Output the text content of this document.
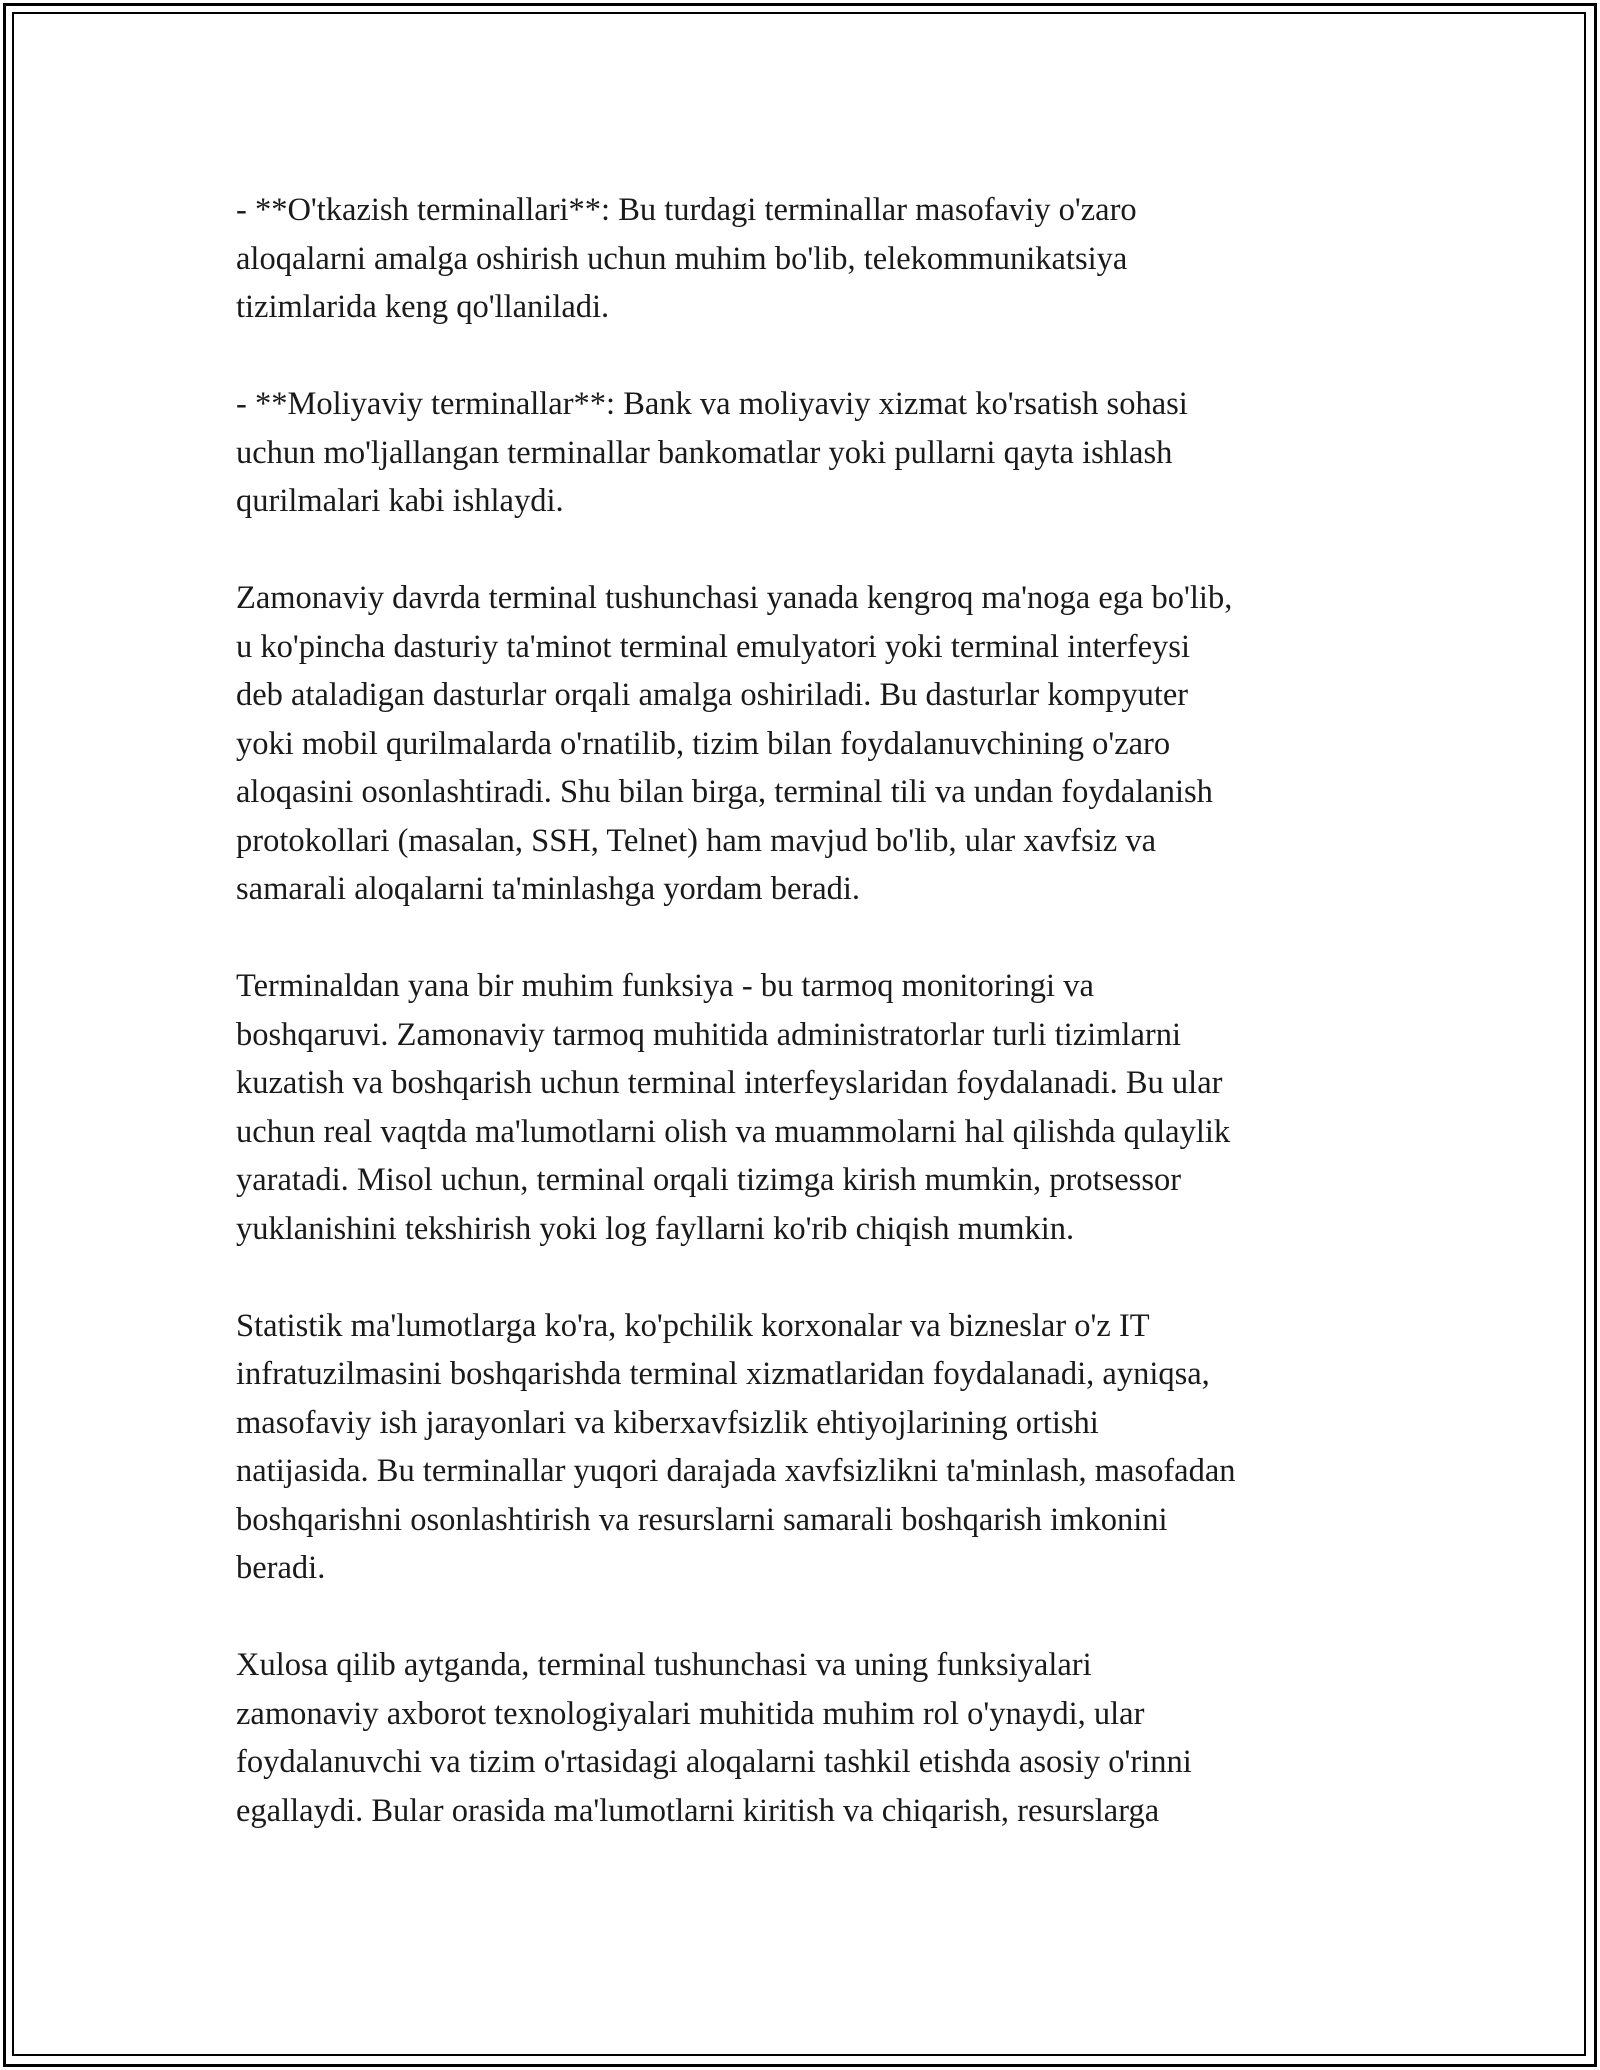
- **O'tkazish terminallari**: Bu turdagi terminallar masofaviy o'zaro
aloqalarni amalga oshirish uchun muhim bo'lib, telekommunikatsiya
tizimlarida keng qo'llaniladi.

- **Moliyaviy terminallar**: Bank va moliyaviy xizmat ko'rsatish sohasi
uchun mo'ljallangan terminallar bankomatlar yoki pullarni qayta ishlash
qurilmalari kabi ishlaydi.

Zamonaviy davrda terminal tushunchasi yanada kengroq ma'noga ega bo'lib,
u ko'pincha dasturiy ta'minot terminal emulyatori yoki terminal interfeysi
deb ataladigan dasturlar orqali amalga oshiriladi. Bu dasturlar kompyuter
yoki mobil qurilmalarda o'rnatilib, tizim bilan foydalanuvchining o'zaro
aloqasini osonlashtiradi. Shu bilan birga, terminal tili va undan foydalanish
protokollari (masalan, SSH, Telnet) ham mavjud bo'lib, ular xavfsiz va
samarali aloqalarni ta'minlashga yordam beradi.

Terminaldan yana bir muhim funksiya - bu tarmoq monitoringi va
boshqaruvi. Zamonaviy tarmoq muhitida administratorlar turli tizimlarni
kuzatish va boshqarish uchun terminal interfeyslaridan foydalanadi. Bu ular
uchun real vaqtda ma'lumotlarni olish va muammolarni hal qilishda qulaylik
yaratadi. Misol uchun, terminal orqali tizimga kirish mumkin, protsessor
yuklanishini tekshirish yoki log fayllarni ko'rib chiqish mumkin.

Statistik ma'lumotlarga ko'ra, ko'pchilik korxonalar va bizneslar o'z IT
infratuzilmasini boshqarishda terminal xizmatlaridan foydalanadi, ayniqsa,
masofaviy ish jarayonlari va kiberxavfsizlik ehtiyojlarining ortishi
natijasida. Bu terminallar yuqori darajada xavfsizlikni ta'minlash, masofadan
boshqarishni osonlashtirish va resurslarni samarali boshqarish imkonini
beradi.

Xulosa qilib aytganda, terminal tushunchasi va uning funksiyalari
zamonaviy axborot texnologiyalari muhitida muhim rol o'ynaydi, ular
foydalanuvchi va tizim o'rtasidagi aloqalarni tashkil etishda asosiy o'rinni
egallaydi. Bular orasida ma'lumotlarni kiritish va chiqarish, resurslarga
